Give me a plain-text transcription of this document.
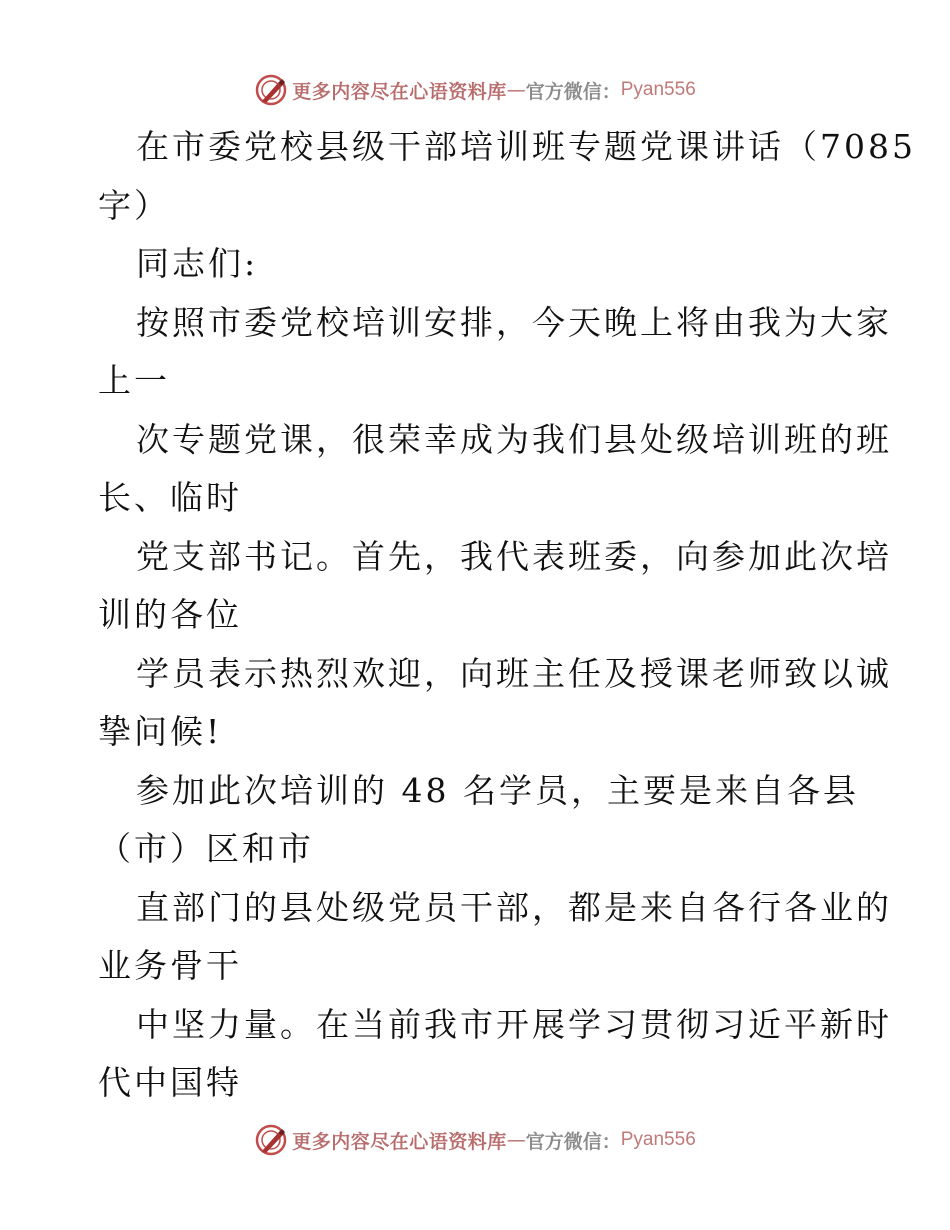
更多内容尽在心语资料库 — 官方微信： Pyan556
在市委党校县级干部培训班专题党课讲话（7085
字）
同志们:
按照市委党校培训安排，今天晚上将由我为大家
上一
次专题党课，很荣幸成为我们县处级培训班的班
长、临时
党支部书记。首先，我代表班委，向参加此次培
训的各位
学员表示热烈欢迎，向班主任及授课老师致以诚
挚问候!
参加此次培训的 48 名学员，主要是来自各县
（市）区和市
直部门的县处级党员干部，都是来自各行各业的
业务骨干
中坚力量。在当前我市开展学习贯彻习近平新时
代中国特
更多内容尽在心语资料库 — 官方微信： Pyan556
